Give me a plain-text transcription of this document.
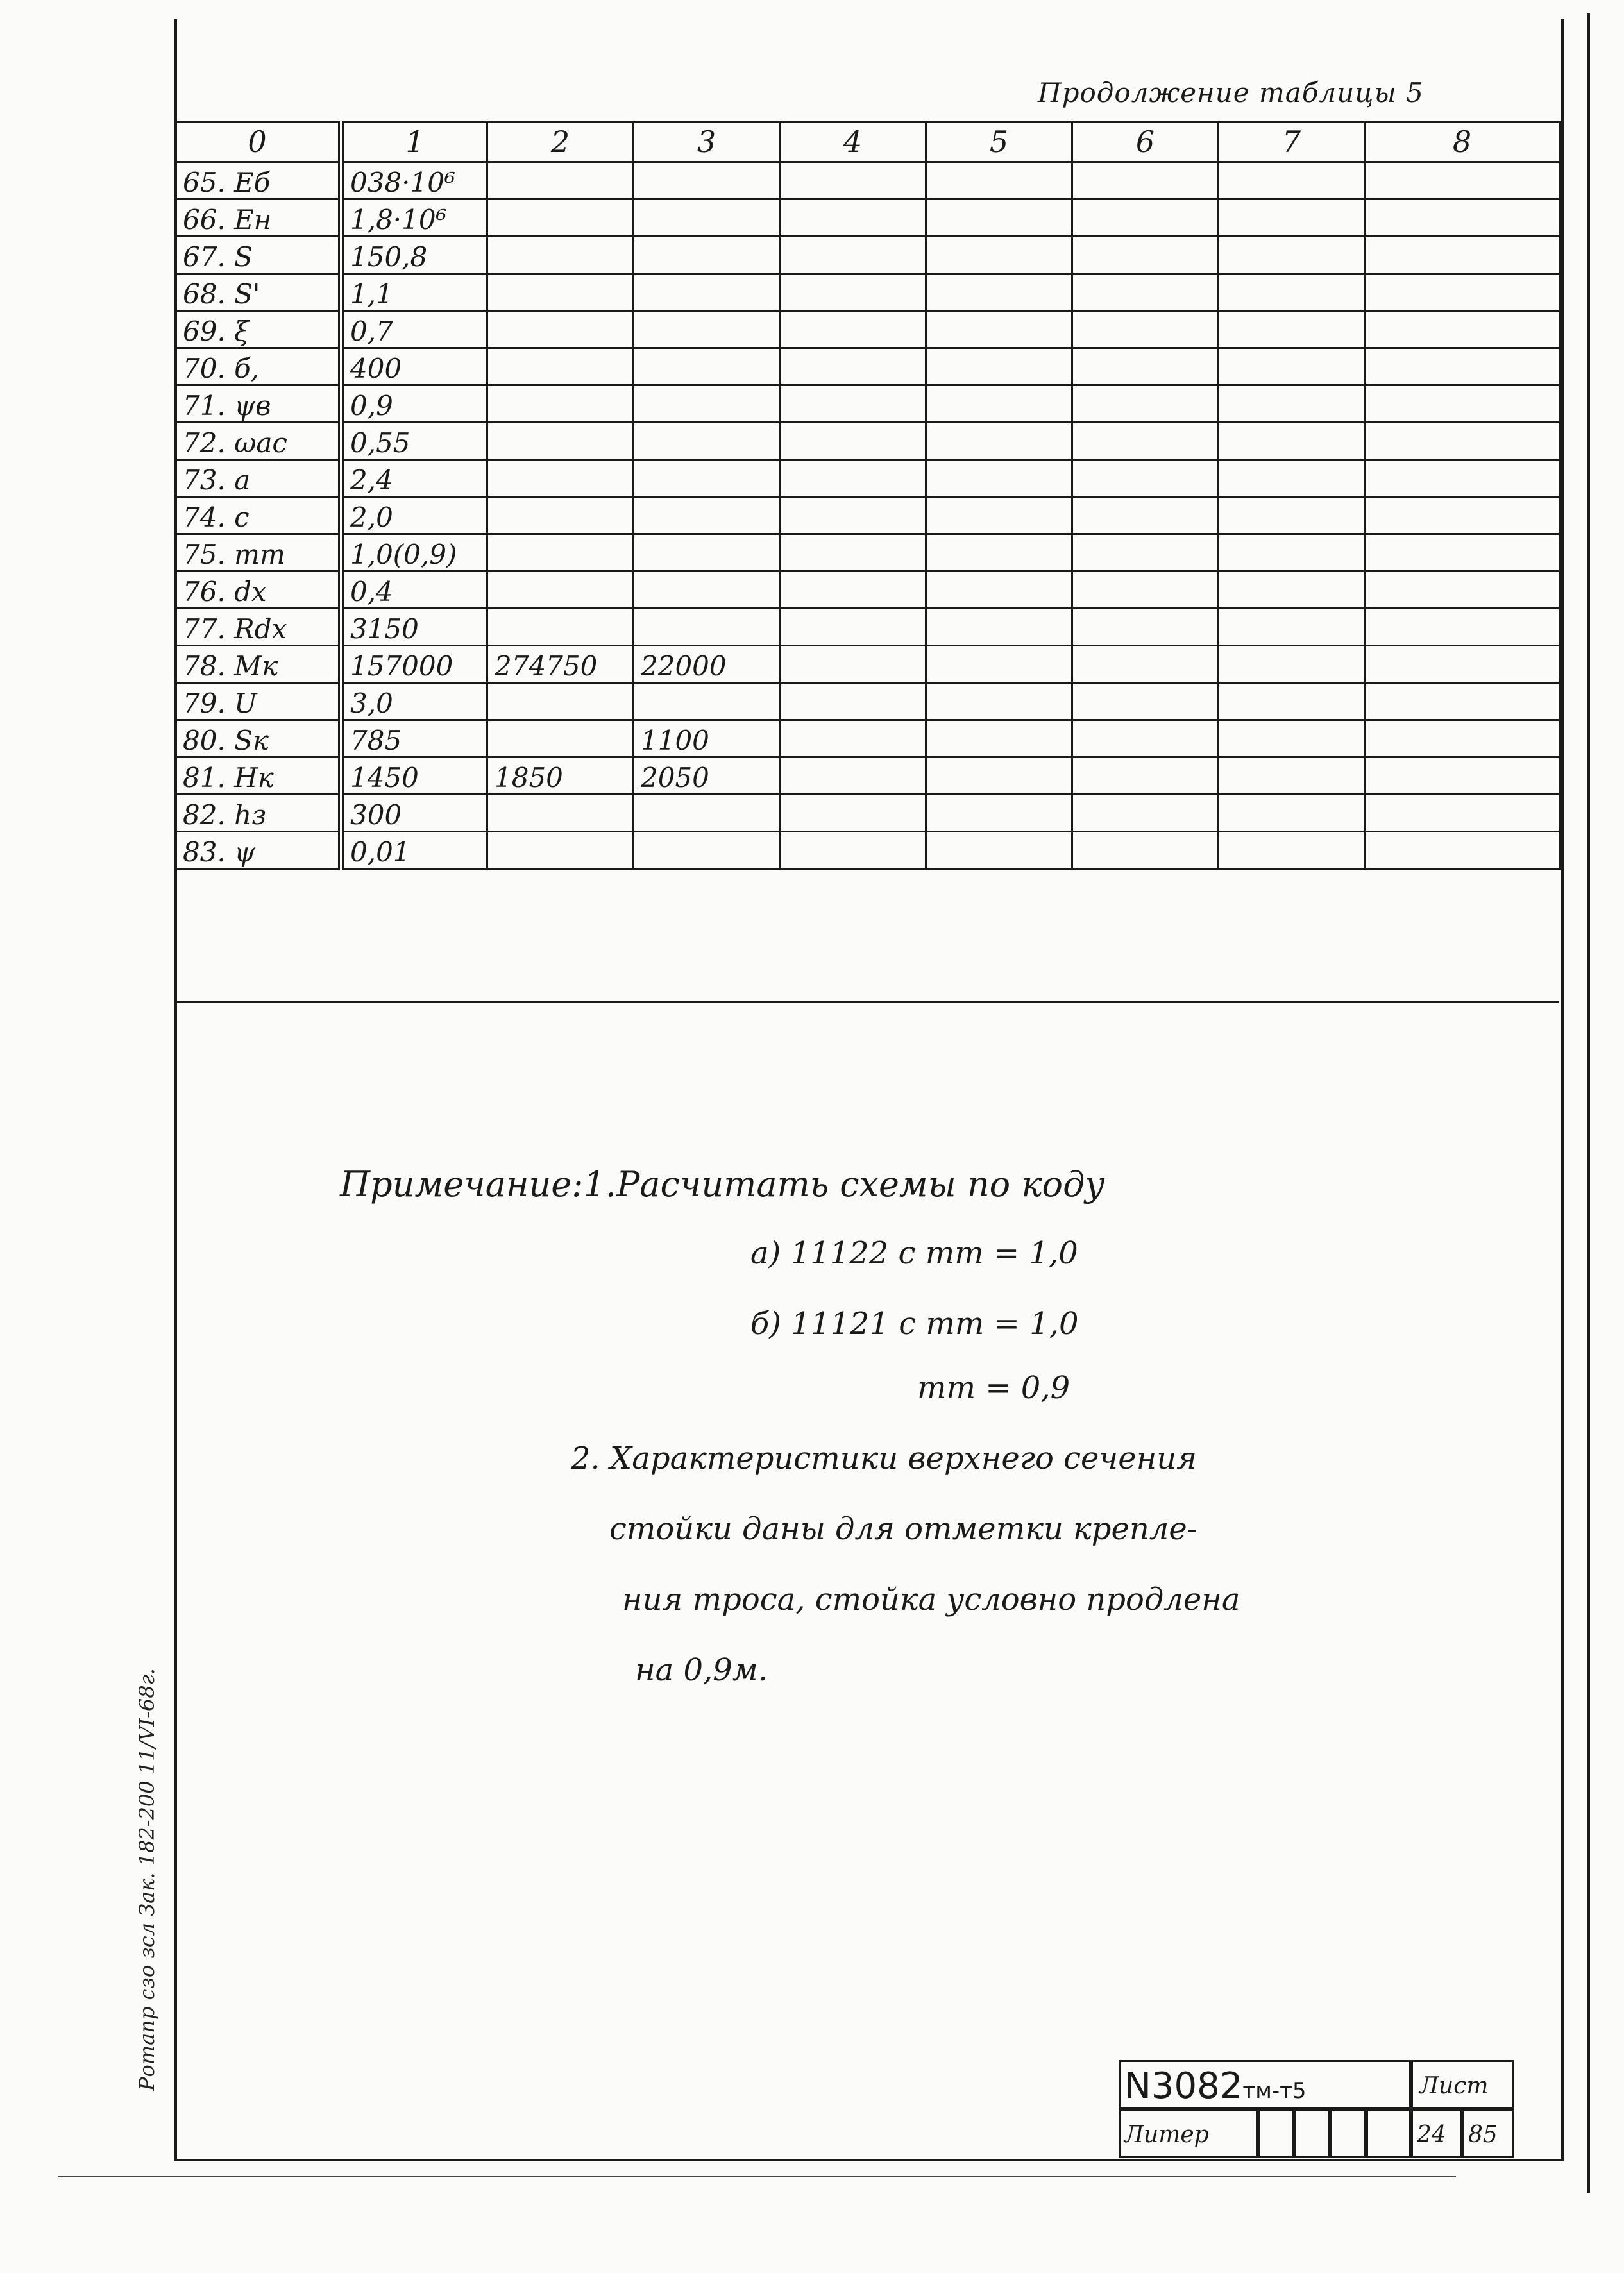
Продолжение таблицы 5
0	1	2	3	4	5	6	7	8
65. Eб	038·10⁶							
66. Eн	1,8·10⁶							
67. S	150,8							
68. S'	1,1							
69. ξ	0,7							
70. б,	400							
71. ψв	0,9							
72. ωac	0,55							
73. a	2,4							
74. c	2,0							
75. mт	1,0(0,9)							
76. dx	0,4							
77. Rdx	3150							
78. Mк	157000	274750	22000					
79. U	3,0							
80. Sк	785		1100					
81. Hк	1450	1850	2050					
82. hз	300							
83. ψ	0,01							
Примечание:1.Расчитать схемы по коду
а) 11122 с mт = 1,0
б) 11121 с mт = 1,0
mт = 0,9
2. Характеристики верхнего сечения
стойки даны для отметки крепле-
ния троса, стойка условно продлена
на 0,9м.
Ротапр сзо зсл Зак. 182-200 11/VI-68г.	N3082тм-т5	Лист
Литер	24 85
